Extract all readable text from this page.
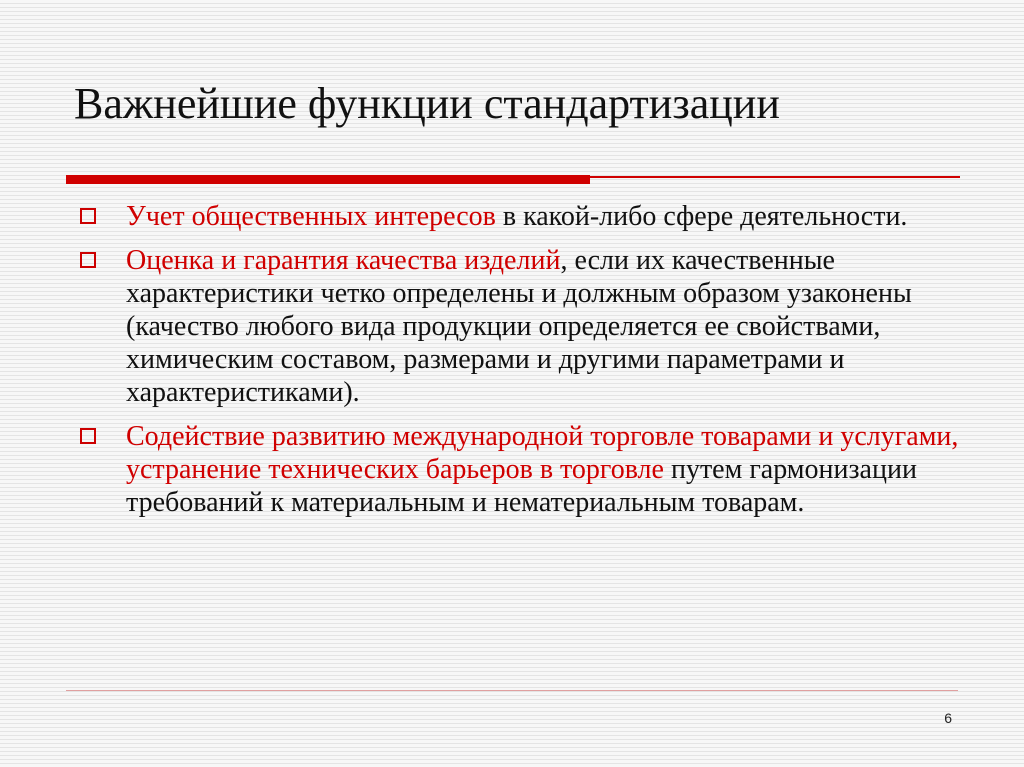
Важнейшие функции стандартизации
Учет общественных интересов в какой-либо сфере деятельности.
Оценка и гарантия качества изделий, если их качественные характеристики четко определены и должным образом узаконены (качество любого вида продукции определяется ее свойствами, химическим составом, размерами и другими параметрами и характеристиками).
Содействие развитию международной торговле товарами и услугами, устранение технических барьеров в торговле путем гармонизации требований к материальным и нематериальным товарам.
6
